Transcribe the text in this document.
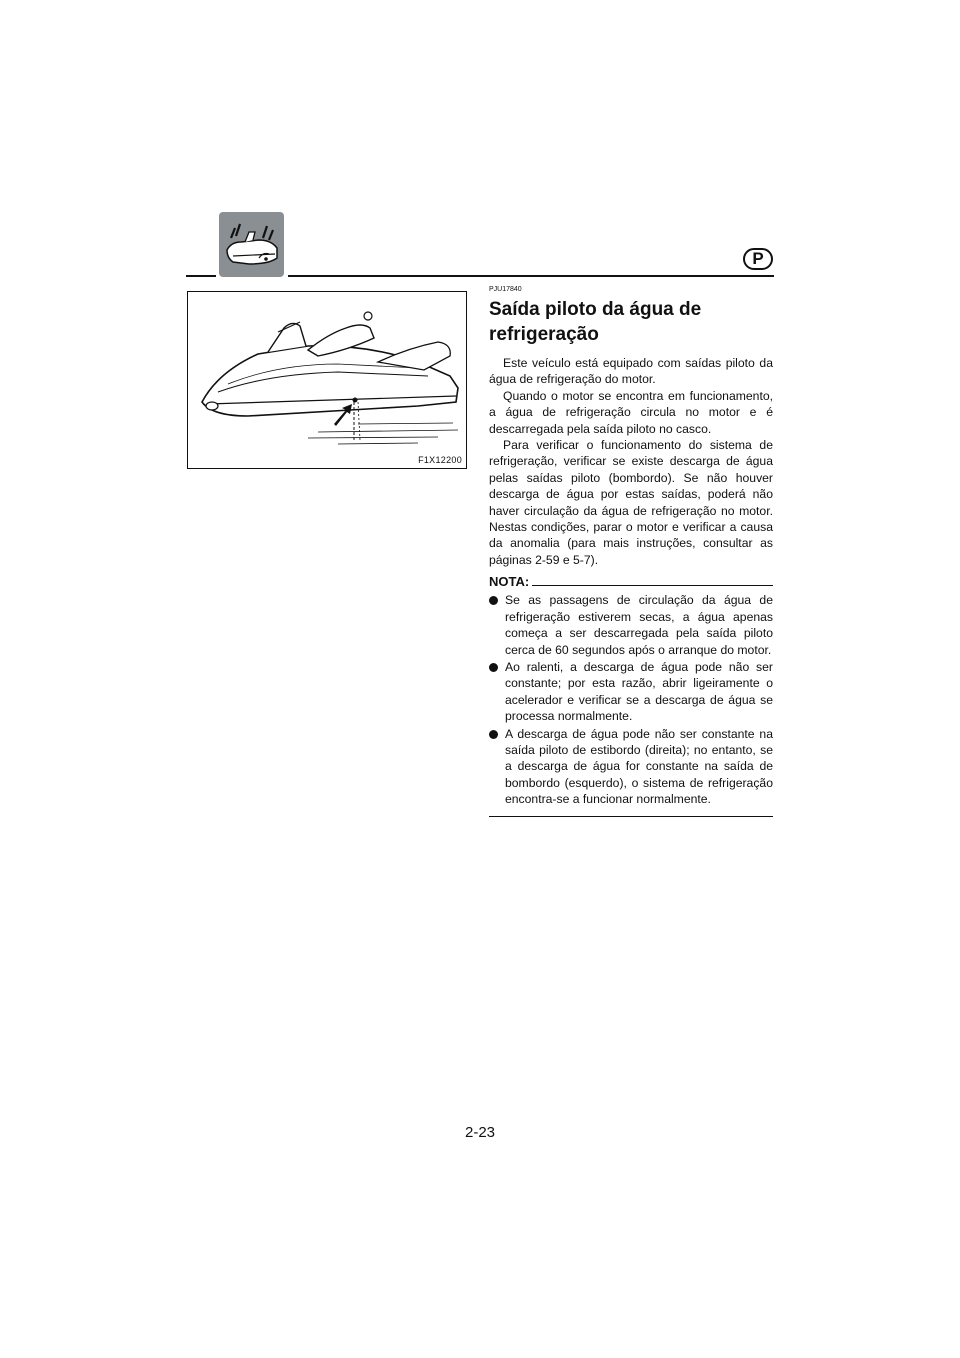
P
F1X12200

PJU17840

Saída piloto da água de
refrigeração

Este veículo está equipado com saídas piloto da água de refrigeração do motor.

Quando o motor se encontra em funcionamento, a água de refrigeração circula no motor e é descarregada pela saída piloto no casco.

Para verificar o funcionamento do sistema de refrigeração, verificar se existe descarga de água pelas saídas piloto (bombordo). Se não houver descarga de água por estas saídas, poderá não haver circulação da água de refrigeração no motor. Nestas condições, parar o motor e verificar a causa da anomalia (para mais instruções, consultar as páginas 2-59 e 5-7).

NOTA:
Se as passagens de circulação da água de refrigeração estiverem secas, a água apenas começa a ser descarregada pela saída piloto cerca de 60 segundos após o arranque do motor.
Ao ralenti, a descarga de água pode não ser constante; por esta razão, abrir ligeiramente o acelerador e verificar se a descarga de água se processa normalmente.
A descarga de água pode não ser constante na saída piloto de estibordo (direita); no entanto, se a descarga de água for constante na saída de bombordo (esquerdo), o sistema de refrigeração encontra-se a funcionar normalmente.
2-23
